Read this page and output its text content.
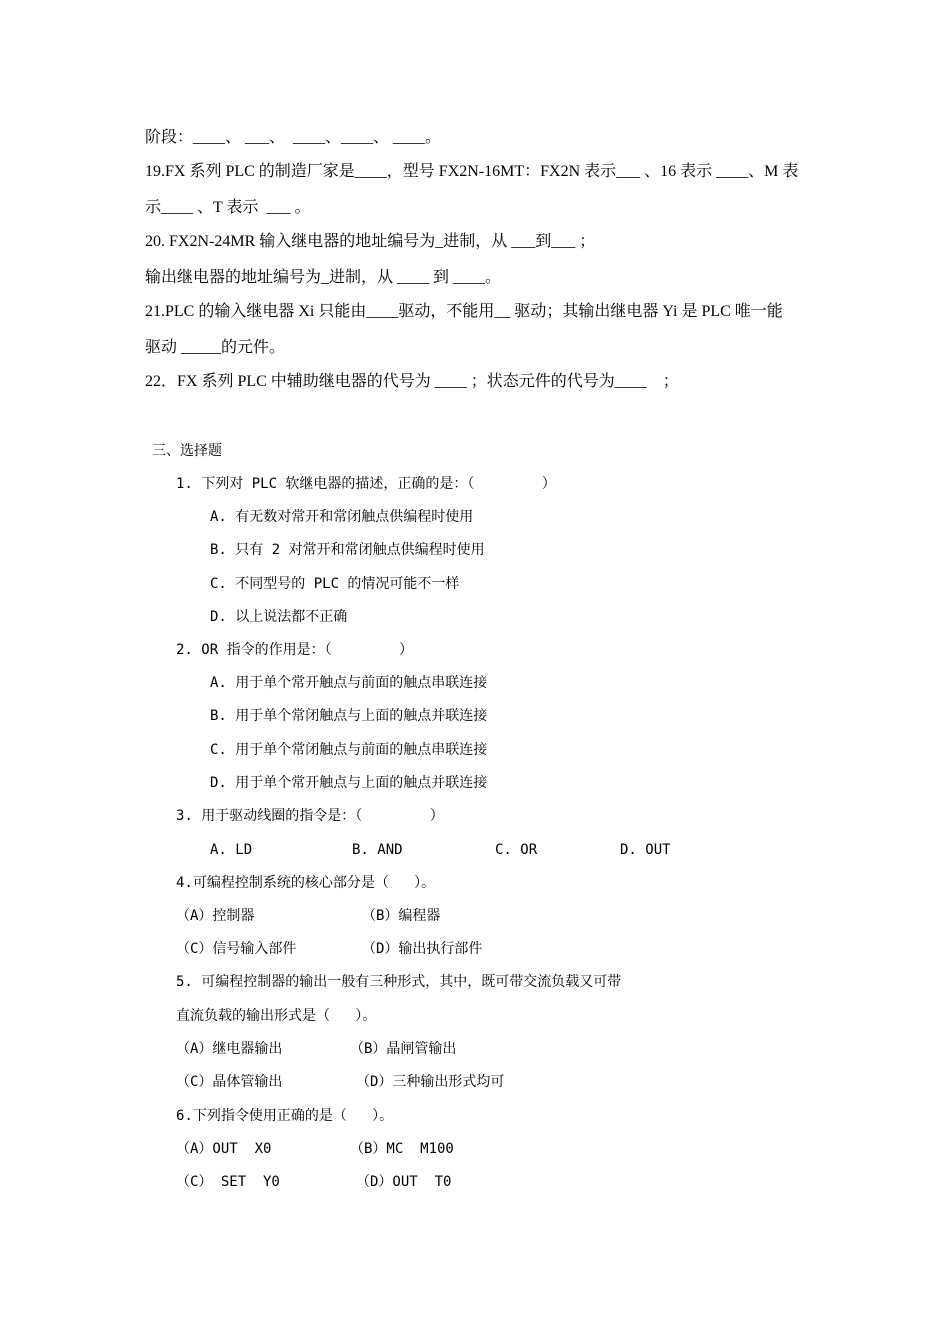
阶段：____、 ___、  ____、____、 ____。
19.FX 系列 PLC 的制造厂家是____，型号 FX2N-16MT：FX2N 表示___ 、16 表示 ____、M 表
示____ 、T 表示  ___ 。
20. FX2N-24MR 输入继电器的地址编号为_进制，从 ___到___ ；
输出继电器的地址编号为_进制，从 ____ 到 ____。
21.PLC 的输入继电器 Xi 只能由____驱动，不能用__ 驱动；其输出继电器 Yi 是 PLC 唯一能
驱动 _____的元件。
22．FX 系列 PLC 中辅助继电器的代号为 ____ ；状态元件的代号为____    ；
三、选择题
1. 下列对 PLC 软继电器的描述，正确的是：（        ）
A. 有无数对常开和常闭触点供编程时使用
B. 只有 2 对常开和常闭触点供编程时使用
C. 不同型号的 PLC 的情况可能不一样
D. 以上说法都不正确
2. OR 指令的作用是：（        ）
A. 用于单个常开触点与前面的触点串联连接
B. 用于单个常闭触点与上面的触点并联连接
C. 用于单个常闭触点与前面的触点串联连接
D. 用于单个常开触点与上面的触点并联连接
3. 用于驱动线圈的指令是：（        ）
A. LD	B. AND	C. OR	D. OUT
4.可编程控制系统的核心部分是（   ）。
（A）控制器	（B）编程器
（C）信号输入部件	（D）输出执行部件
5. 可编程控制器的输出一般有三种形式，其中，既可带交流负载又可带
直流负载的输出形式是（   ）。
（A）继电器输出	（B）晶闸管输出
（C）晶体管输出	（D）三种输出形式均可
6.下列指令使用正确的是（   ）。
（A）OUT  X0	（B）MC  M100
（C） SET  Y0	（D）OUT  T0
